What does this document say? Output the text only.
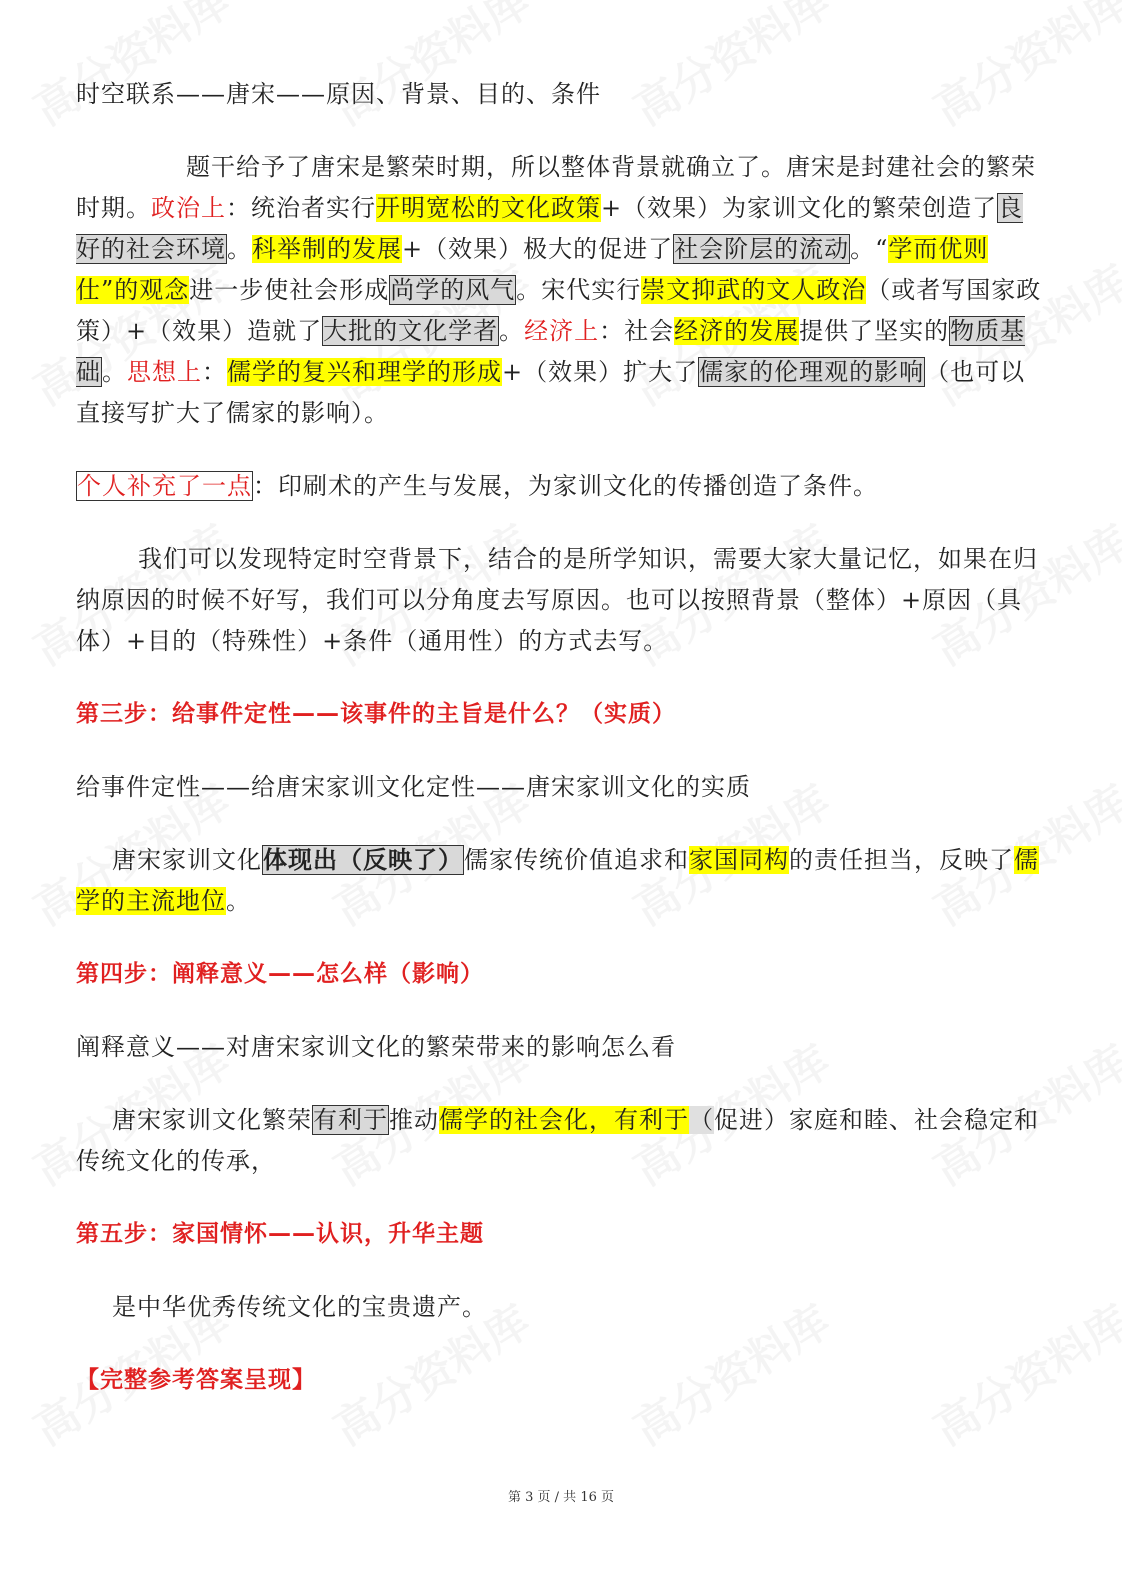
时空联系——唐宋——原因、背景、目的、条件

题干给予了唐宋是繁荣时期，所以整体背景就确立了。唐宋是封建社会的繁荣时期。政治上：统治者实行开明宽松的文化政策+（效果）为家训文化的繁荣创造了良好的社会环境。科举制的发展+（效果）极大的促进了社会阶层的流动。“学而优则仕”的观念进一步使社会形成尚学的风气。宋代实行崇文抑武的文人政治（或者写国家政策）+（效果）造就了大批的文化学者。经济上：社会经济的发展提供了坚实的物质基础。思想上：儒学的复兴和理学的形成+（效果）扩大了儒家的伦理观的影响（也可以直接写扩大了儒家的影响）。

个人补充了一点：印刷术的产生与发展，为家训文化的传播创造了条件。

我们可以发现特定时空背景下，结合的是所学知识，需要大家大量记忆，如果在归纳原因的时候不好写，我们可以分角度去写原因。也可以按照背景（整体）+原因（具体）+目的（特殊性）+条件（通用性）的方式去写。

第三步：给事件定性——该事件的主旨是什么？（实质）

给事件定性——给唐宋家训文化定性——唐宋家训文化的实质

唐宋家训文化体现出（反映了）儒家传统价值追求和家国同构的责任担当，反映了儒学的主流地位。

第四步：阐释意义——怎么样（影响）

阐释意义——对唐宋家训文化的繁荣带来的影响怎么看

唐宋家训文化繁荣有利于推动儒学的社会化，有利于（促进）家庭和睦、社会稳定和传统文化的传承，

第五步：家国情怀——认识，升华主题

是中华优秀传统文化的宝贵遗产。

【完整参考答案呈现】

第 3 页 / 共 16 页
